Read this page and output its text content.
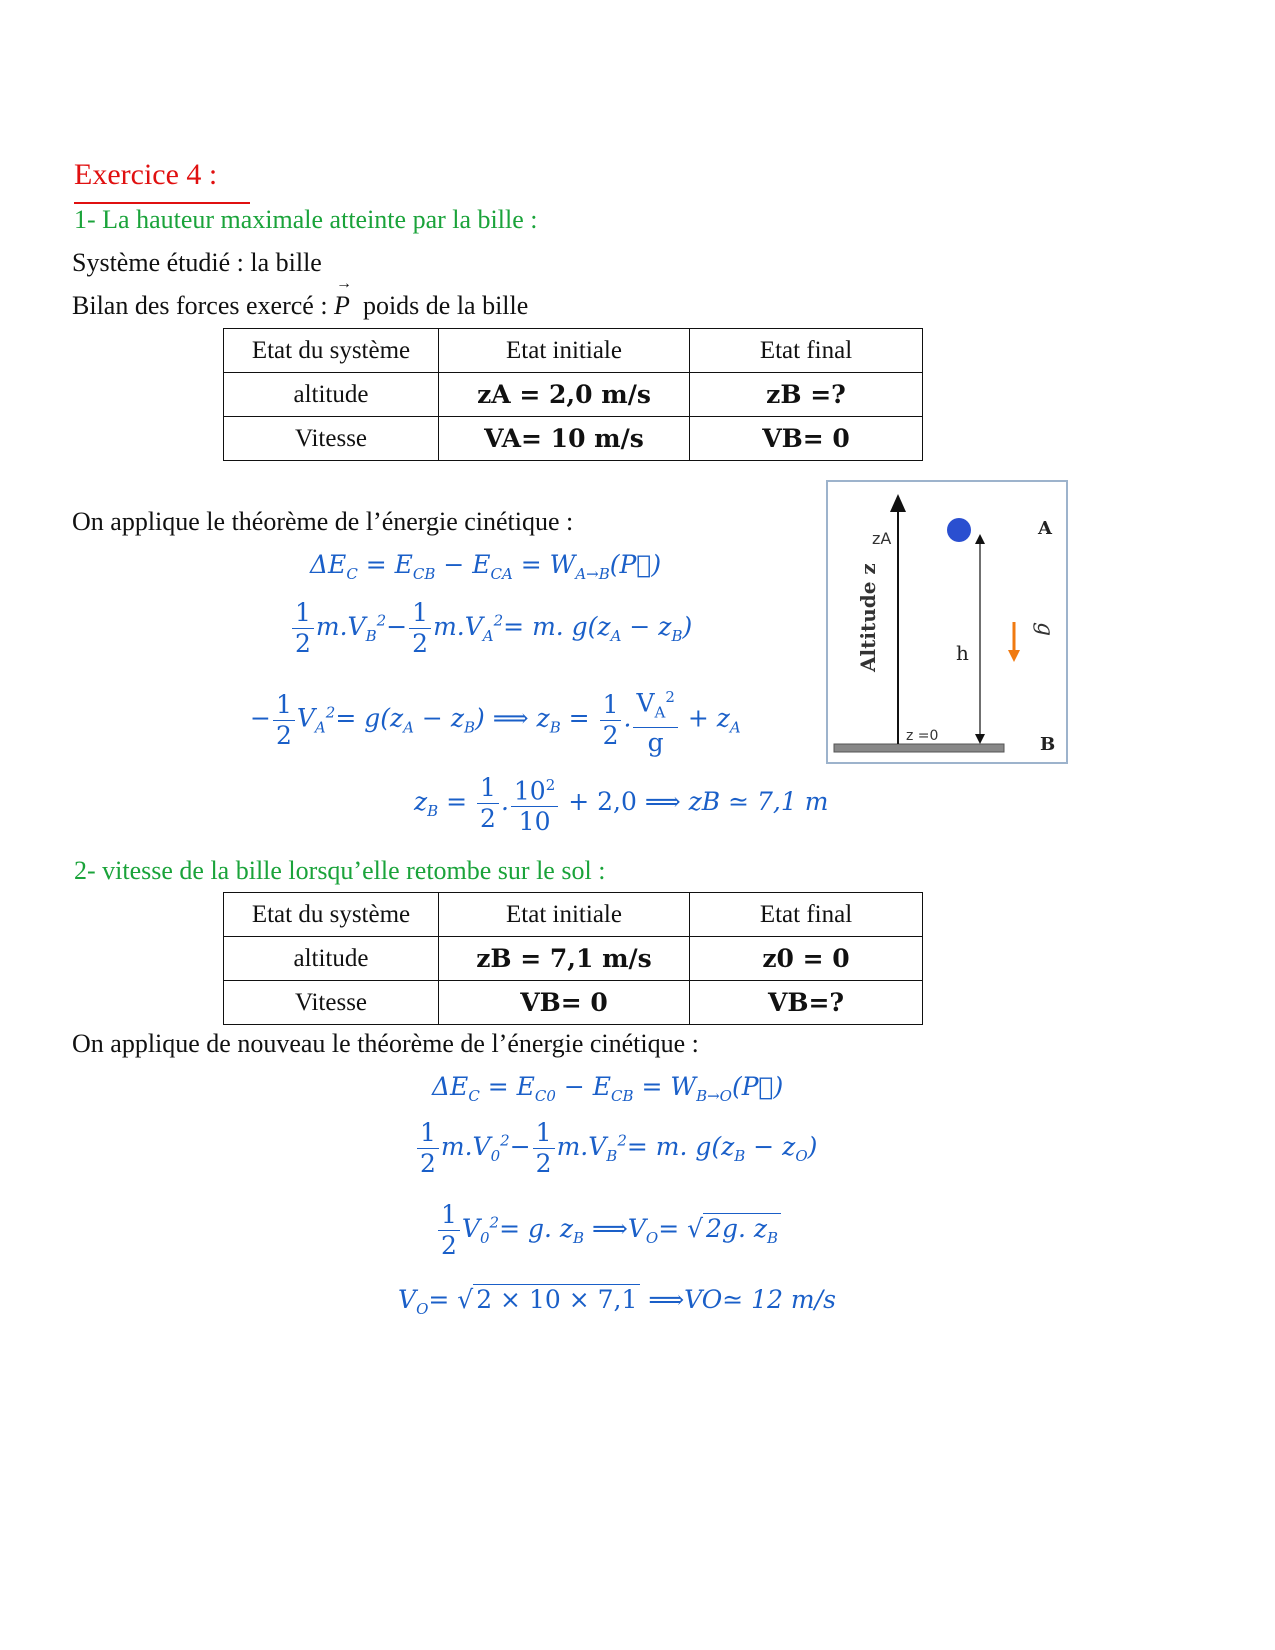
Exercice 4 :
1- La hauteur maximale atteinte par la bille :
Système étudié : la bille
Bilan des forces exercé :
→
P poids de la bille
Etat du système	Etat initiale	Etat final
altitude	zA = 2,0 m/s	zB =?
Vitesse	VA= 10 m/s	VB= 0
On applique le théorème de l’énergie cinétique :
$\Delta E_C = E_{CB} - E_{CA}$ = $W_{A\to B}(P⃗)$
$\frac{1}{2} m.V_B^2- \frac{1}{2} m.V_A^2= m$. $g(z_A - z_B)$
− $\frac{1}{2} V_A^2= g(z_A - z_B)$ ⟹ $z_B = \frac{1}{2}$ . $\frac{V_A^2}{g} + z_A$
$z_B = \frac{1}{2}$ . $\frac{10^2}{10} + 2,0$ ⟹ zB ≃ 7,1 m
zA	A
B
h
z =0
Altitude z	g
2- vitesse de la bille lorsqu’elle retombe sur le sol :
Etat du système	Etat initiale	Etat final
altitude	zB = 7,1 m/s	z0 = 0
Vitesse	VB= 0	VB=?
On applique de nouveau le théorème de l’énergie cinétique :
$\Delta E_C = E_{C0} - E_{CB}$ = $W_{B\to O}(P⃗)$
$\frac{1}{2} m.V_0^2- \frac{1}{2} m.V_B^2= m$. $g(z_B - z_O)$
$\frac{1}{2} V_0^2= g$. $z_B$ $⟹V_O=$ √ 2g. $z_B$
$V_O=$ √ 2 × 10 × 7,1 ⟹VO≃ 12 m/s
